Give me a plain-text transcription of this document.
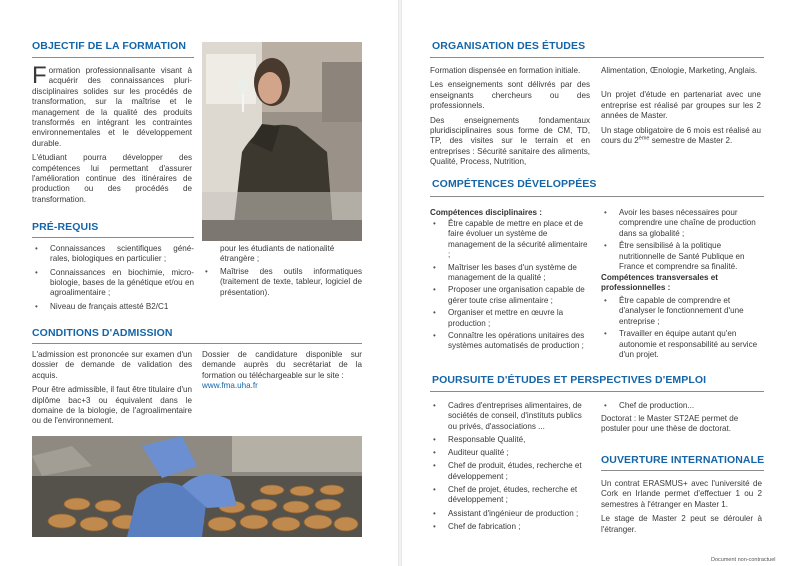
OBJECTIF DE LA FORMATION
Formation professionnalisante visant à acquérir des connaissances pluri-disciplinaires solides sur les procédés de transformation, sur la maîtrise et le management de la qualité des produits transformés en intégrant les contraintes environnementales et le développement durable.
L'étudiant pourra développer des compétences lui permettant d'assurer l'amélioration continue des itinéraires de production ou des procédés de transformation.
PRÉ-REQUIS
• Connaissances scientifiques géné-rales, biologiques en particulier ;
• Connaissances en biochimie, micro-biologie, bases de la génétique et/ou en agroalimentaire ;
• Niveau de français attesté B2/C1
pour les étudiants de nationalité étrangère ;
• Maîtrise des outils informatiques (traitement de texte, tableur, logiciel de présentation).
CONDITIONS D'ADMISSION
L'admission est prononcée sur examen d'un dossier de demande de validation des acquis.
Pour être admissible, il faut être titulaire d'un diplôme bac+3 ou équivalent dans le domaine de la biologie, de l'agroalimentaire ou de l'environnement.
Dossier de candidature disponible sur demande auprès du secrétariat de la formation ou téléchargeable sur le site :
www.fma.uha.fr
ORGANISATION DES ÉTUDES
Formation dispensée en formation initiale.
Les enseignements sont délivrés par des enseignants chercheurs ou des professionnels.
Des enseignements fondamentaux pluridisciplinaires sous forme de CM, TD, TP, des visites sur le terrain et en entreprises : Sécurité sanitaire des aliments, Qualité, Process, Nutrition,
Alimentation, Œnologie, Marketing, Anglais.
Un projet d'étude en partenariat avec une entreprise est réalisé par groupes sur les 2 années de Master.
Un stage obligatoire de 6 mois est réalisé au cours du 2ème semestre de Master 2.
COMPÉTENCES DÉVELOPPÉES
Compétences disciplinaires :
• Être capable de mettre en place et de faire évoluer un système de management de la sécurité alimentaire ;
• Maîtriser les bases d'un système de management de la qualité ;
• Proposer une organisation capable de gérer toute crise alimentaire ;
• Organiser et mettre en œuvre la production ;
• Connaître les opérations unitaires des systèmes automatisés de production ;
• Avoir les bases nécessaires pour comprendre une chaîne de production dans sa globalité ;
• Être sensibilisé à la politique nutritionnelle de Santé Publique en France et comprendre sa finalité.
Compétences transversales et professionnelles :
• Être capable de comprendre et d'analyser le fonctionnement d'une entreprise ;
• Travailler en équipe autant qu'en autonomie et responsabilité au service d'un projet.
POURSUITE D'ÉTUDES ET PERSPECTIVES D'EMPLOI
• Cadres d'entreprises alimentaires, de sociétés de conseil, d'instituts publics ou privés, d'associations ...
• Responsable Qualité,
• Auditeur qualité ;
• Chef de produit, études, recherche et développement ;
• Chef de projet, études, recherche et développement ;
• Assistant d'ingénieur de production ;
• Chef de fabrication ;
• Chef de production...
Doctorat : le Master ST2AE permet de postuler pour une thèse de doctorat.
OUVERTURE INTERNATIONALE
Un contrat ERASMUS+ avec l'université de Cork en Irlande permet d'effectuer 1 ou 2 semestres à l'étranger en Master 1.
Le stage de Master 2 peut se dérouler à l'étranger.
Document non-contractuel
